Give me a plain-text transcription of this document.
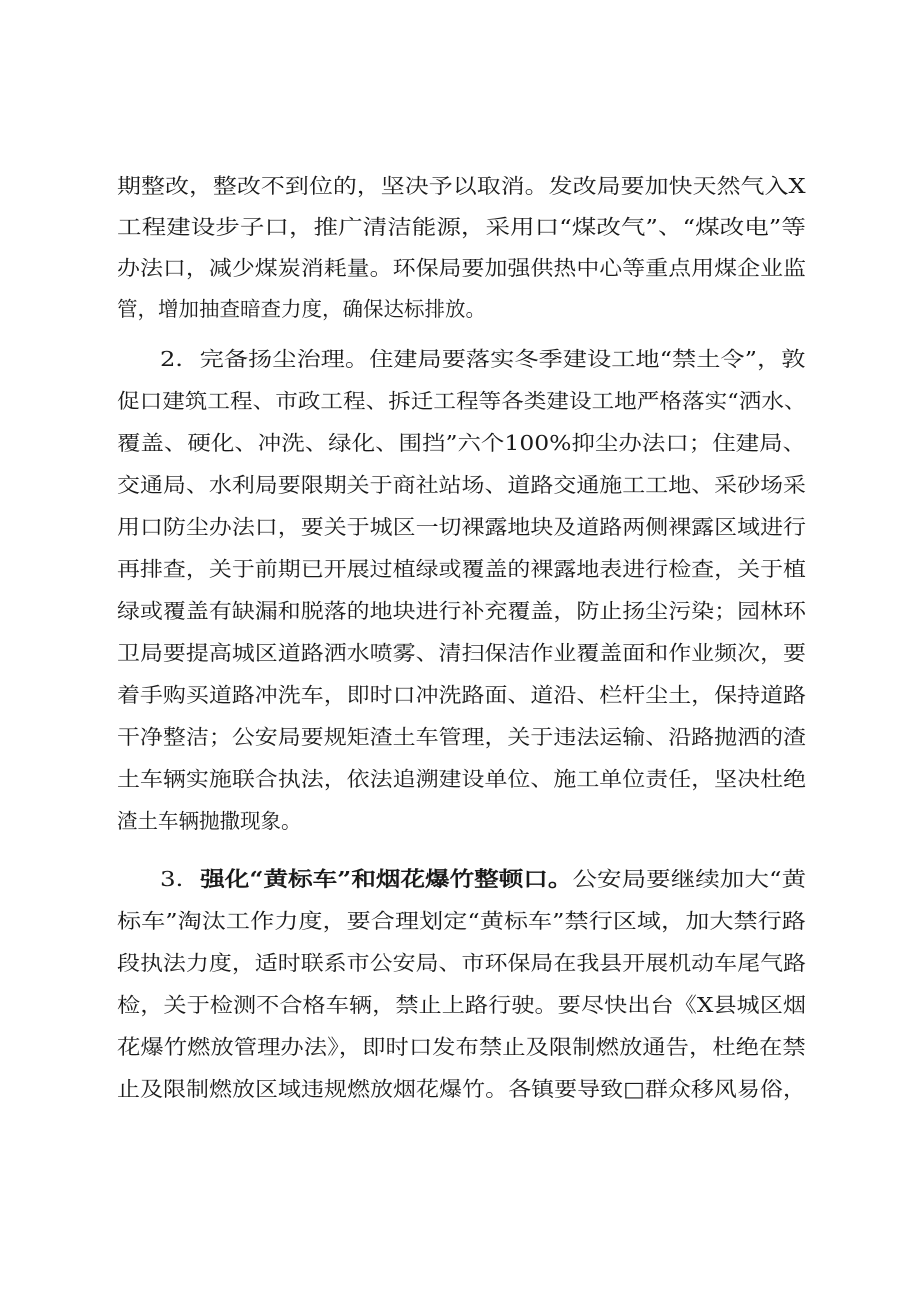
期整改，整改不到位的，坚决予以取消。发改局要加快天然气入X
工程建设步子口，推广清洁能源，采用口“煤改气”、“煤改电”等
办法口，减少煤炭消耗量。环保局要加强供热中心等重点用煤企业监
管，增加抽查暗查力度，确保达标排放。
2．完备扬尘治理。住建局要落实冬季建设工地“禁土令”，敦
促口建筑工程、市政工程、拆迁工程等各类建设工地严格落实“洒水、
覆盖、硬化、冲洗、绿化、围挡”六个100%抑尘办法口；住建局、
交通局、水利局要限期关于商社站场、道路交通施工工地、采砂场采
用口防尘办法口，要关于城区一切裸露地块及道路两侧裸露区域进行
再排查，关于前期已开展过植绿或覆盖的裸露地表进行检查，关于植
绿或覆盖有缺漏和脱落的地块进行补充覆盖，防止扬尘污染；园林环
卫局要提高城区道路洒水喷雾、清扫保洁作业覆盖面和作业频次，要
着手购买道路冲洗车，即时口冲洗路面、道沿、栏杆尘土，保持道路
干净整洁；公安局要规矩渣土车管理，关于违法运输、沿路抛洒的渣
土车辆实施联合执法，依法追溯建设单位、施工单位责任，坚决杜绝
渣土车辆抛撒现象。
3．强化“黄标车”和烟花爆竹整顿口。公安局要继续加大“黄
标车”淘汰工作力度，要合理划定“黄标车”禁行区域，加大禁行路
段执法力度，适时联系市公安局、市环保局在我县开展机动车尾气路
检，关于检测不合格车辆，禁止上路行驶。要尽快出台《X县城区烟
花爆竹燃放管理办法》，即时口发布禁止及限制燃放通告，杜绝在禁
止及限制燃放区域违规燃放烟花爆竹。各镇要导致□群众移风易俗，
